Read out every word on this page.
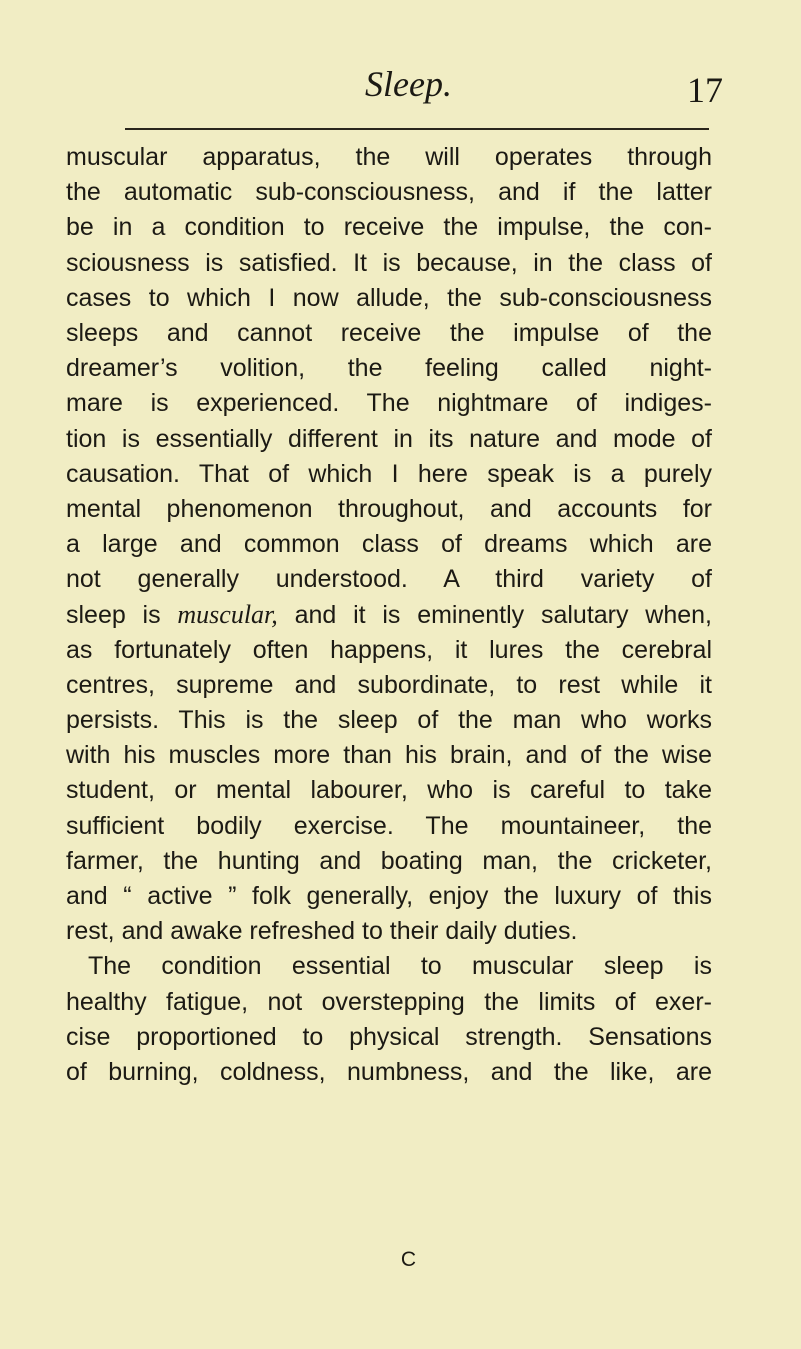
Sleep.	17
muscular apparatus, the will operates through
the automatic sub-consciousness, and if the latter
be in a condition to receive the impulse, the con-
sciousness is satisfied. It is because, in the class of
cases to which I now allude, the sub-consciousness
sleeps and cannot receive the impulse of the
dreamer’s volition, the feeling called night-
mare is experienced. The nightmare of indiges-
tion is essentially different in its nature and mode of
causation. That of which I here speak is a purely
mental phenomenon throughout, and accounts for
a large and common class of dreams which are
not generally understood. A third variety of
sleep is muscular, and it is eminently salutary when,
as fortunately often happens, it lures the cerebral
centres, supreme and subordinate, to rest while it
persists. This is the sleep of the man who works
with his muscles more than his brain, and of the wise
student, or mental labourer, who is careful to take
sufficient bodily exercise. The mountaineer, the
farmer, the hunting and boating man, the cricketer,
and “ active ” folk generally, enjoy the luxury of this
rest, and awake refreshed to their daily duties.
The condition essential to muscular sleep is
healthy fatigue, not overstepping the limits of exer-
cise proportioned to physical strength. Sensations
of burning, coldness, numbness, and the like, are
C
